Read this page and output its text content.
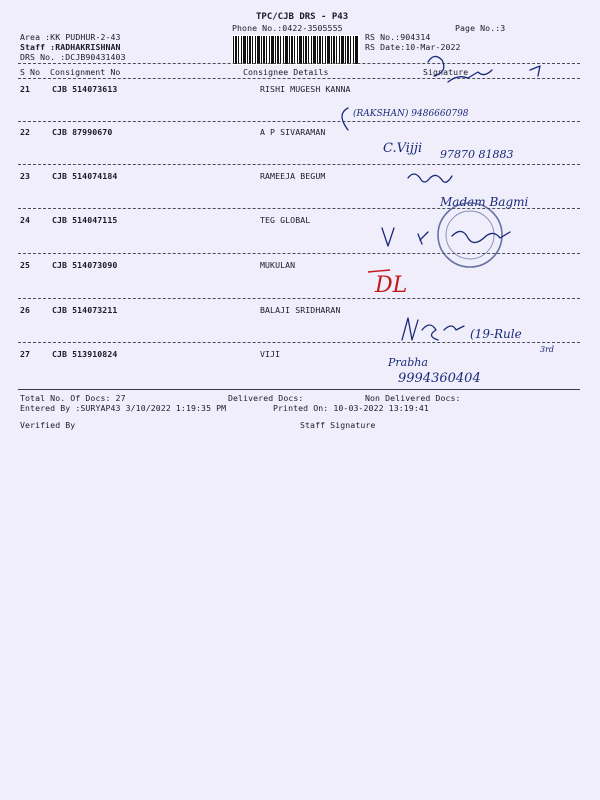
TPC/CJB DRS - P43
Phone No.:0422-3505555	Page No.:3
Area :KK PUDHUR-2-43
Staff :RADHAKRISHNAN
DRS No. :DCJB90431403
RS No.:904314
RS Date:10-Mar-2022
S No Consignment No	Consignee Details	Signature
21	CJB 514073613	RISHI MUGESH KANNA
22	CJB 87990670	A P SIVARAMAN
23	CJB 514074184	RAMEEJA BEGUM
24	CJB 514047115	TEG GLOBAL
25	CJB 514073090	MUKULAN
26	CJB 514073211	BALAJI SRIDHARAN
27	CJB 513910824	VIJI
Total No. Of Docs: 27	Delivered Docs:	Non Delivered Docs:
Entered By :SURYAP43 3/10/2022 1:19:35 PM	Printed On: 10-03-2022 13:19:41
Verified By	Staff Signature
(RAKSHAN) 9486660798
C.Vijji 97870 81883
Madam Bagmi
DL
(19-Rule
3rd
Prabha
9994360404
